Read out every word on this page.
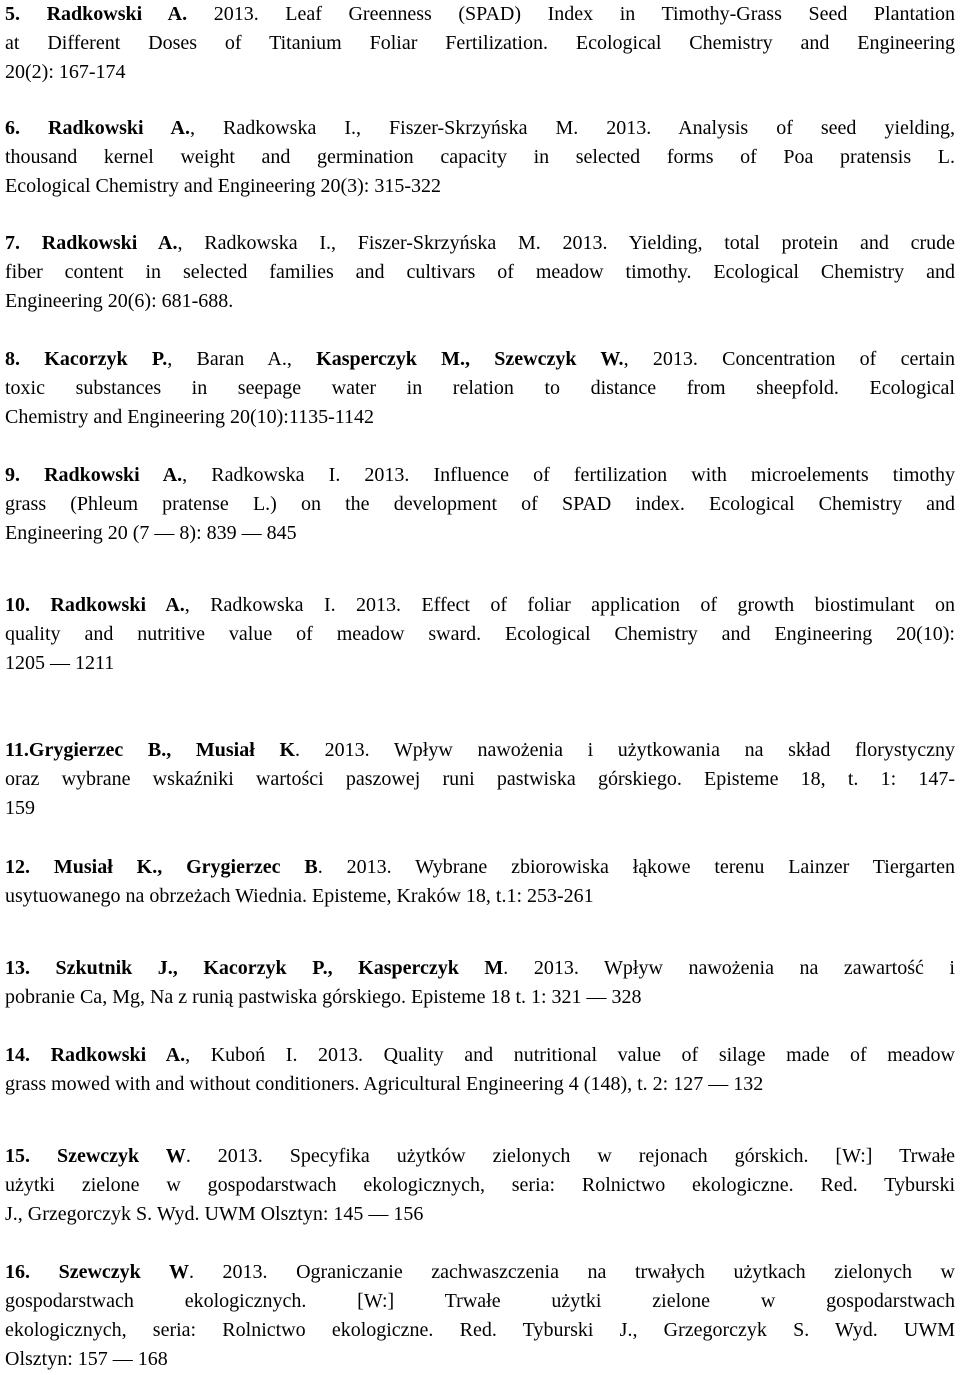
5. Radkowski A. 2013. Leaf Greenness (SPAD) Index in Timothy-Grass Seed Plantation
at Different Doses of Titanium Foliar Fertilization. Ecological Chemistry and Engineering
20(2): 167-174
6. Radkowski A., Radkowska I., Fiszer-Skrzyńska M. 2013. Analysis of seed yielding,
thousand kernel weight and germination capacity in selected forms of Poa pratensis L.
Ecological Chemistry and Engineering 20(3): 315-322
7. Radkowski A., Radkowska I., Fiszer-Skrzyńska M. 2013. Yielding, total protein and crude
fiber content in selected families and cultivars of meadow timothy. Ecological Chemistry and
Engineering 20(6): 681-688.
8. Kacorzyk P., Baran A., Kasperczyk M., Szewczyk W., 2013. Concentration of certain
toxic substances in seepage water in relation to distance from sheepfold. Ecological
Chemistry and Engineering 20(10):1135-1142
9. Radkowski A., Radkowska I. 2013. Influence of fertilization with microelements timothy
grass (Phleum pratense L.) on the development of SPAD index. Ecological Chemistry and
Engineering 20 (7 — 8): 839 — 845
10. Radkowski A., Radkowska I. 2013. Effect of foliar application of growth biostimulant on
quality and nutritive value of meadow sward. Ecological Chemistry and Engineering 20(10):
1205 — 1211
11.Grygierzec B., Musiał K. 2013. Wpływ nawożenia i użytkowania na skład florystyczny
oraz wybrane wskaźniki wartości paszowej runi pastwiska górskiego. Episteme 18, t. 1: 147-
159
12. Musiał K., Grygierzec B. 2013. Wybrane zbiorowiska łąkowe terenu Lainzer Tiergarten
usytuowanego na obrzeżach Wiednia. Episteme, Kraków 18, t.1: 253-261
13. Szkutnik J., Kacorzyk P., Kasperczyk M. 2013. Wpływ nawożenia na zawartość i
pobranie Ca, Mg, Na z runią pastwiska górskiego. Episteme 18 t. 1: 321 — 328
14. Radkowski A., Kuboń I. 2013. Quality and nutritional value of silage made of meadow
grass mowed with and without conditioners. Agricultural Engineering 4 (148), t. 2: 127 — 132
15. Szewczyk W. 2013. Specyfika użytków zielonych w rejonach górskich. [W:] Trwałe
użytki zielone w gospodarstwach ekologicznych, seria: Rolnictwo ekologiczne. Red. Tyburski
J., Grzegorczyk S. Wyd. UWM Olsztyn: 145 — 156
16. Szewczyk W. 2013. Ograniczanie zachwaszczenia na trwałych użytkach zielonych w
gospodarstwach ekologicznych. [W:] Trwałe użytki zielone w gospodarstwach
ekologicznych, seria: Rolnictwo ekologiczne. Red. Tyburski J., Grzegorczyk S. Wyd. UWM
Olsztyn: 157 — 168
